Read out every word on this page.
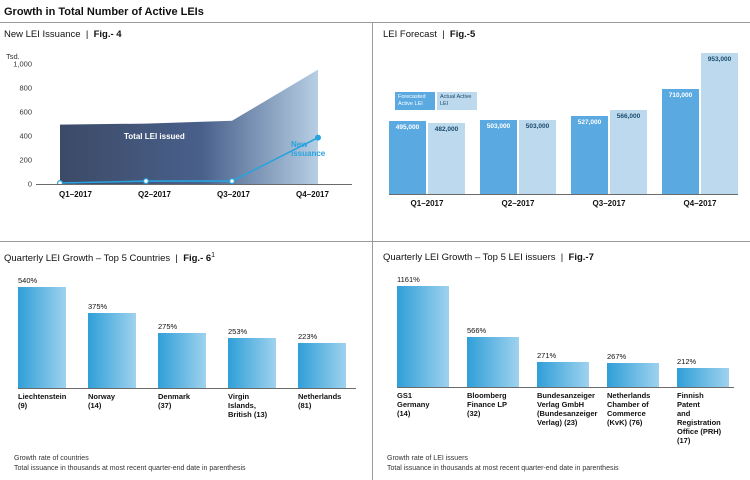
Growth in Total Number of Active LEIs
New LEI Issuance  |  Fig.- 4
Tsd.
1,000
800
600
400
200
0
Total LEI issued
New
issuance
Q1–2017	Q2–2017	Q3–2017	Q4–2017
LEI Forecast  |  Fig.-5
Forecasted Active LEI
Actual Active LEI
495,000	482,000	503,000	503,000
527,000
566,000
710,000
953,000
Q1–2017	Q2–2017	Q3–2017	Q4–2017
Quarterly LEI Growth – Top 5 Countries  |  Fig.- $6^1$
540%
375%
275%	253%
223%
Liechtenstein
(9)
Norway
(14)
Denmark
(37)
Virgin Islands,
British (13)
Netherlands
(81)
Growth rate of countries
Total issuance in thousands at most recent quarter-end date in parenthesis
Quarterly LEI Growth – Top 5 LEI issuers  |  Fig.-7
1161%
566%
271%	267%	212%
GS1 Germany
(14)
Bloomberg
Finance LP
(32)
Bundesanzeiger
Verlag GmbH
(Bundesanzeiger
Verlag) (23)
Netherlands
Chamber of
Commerce
(KvK) (76)
Finnish Patent
and Registration
Office (PRH)
(17)
Growth rate of LEI issuers
Total issuance in thousands at most recent quarter-end date in parenthesis
